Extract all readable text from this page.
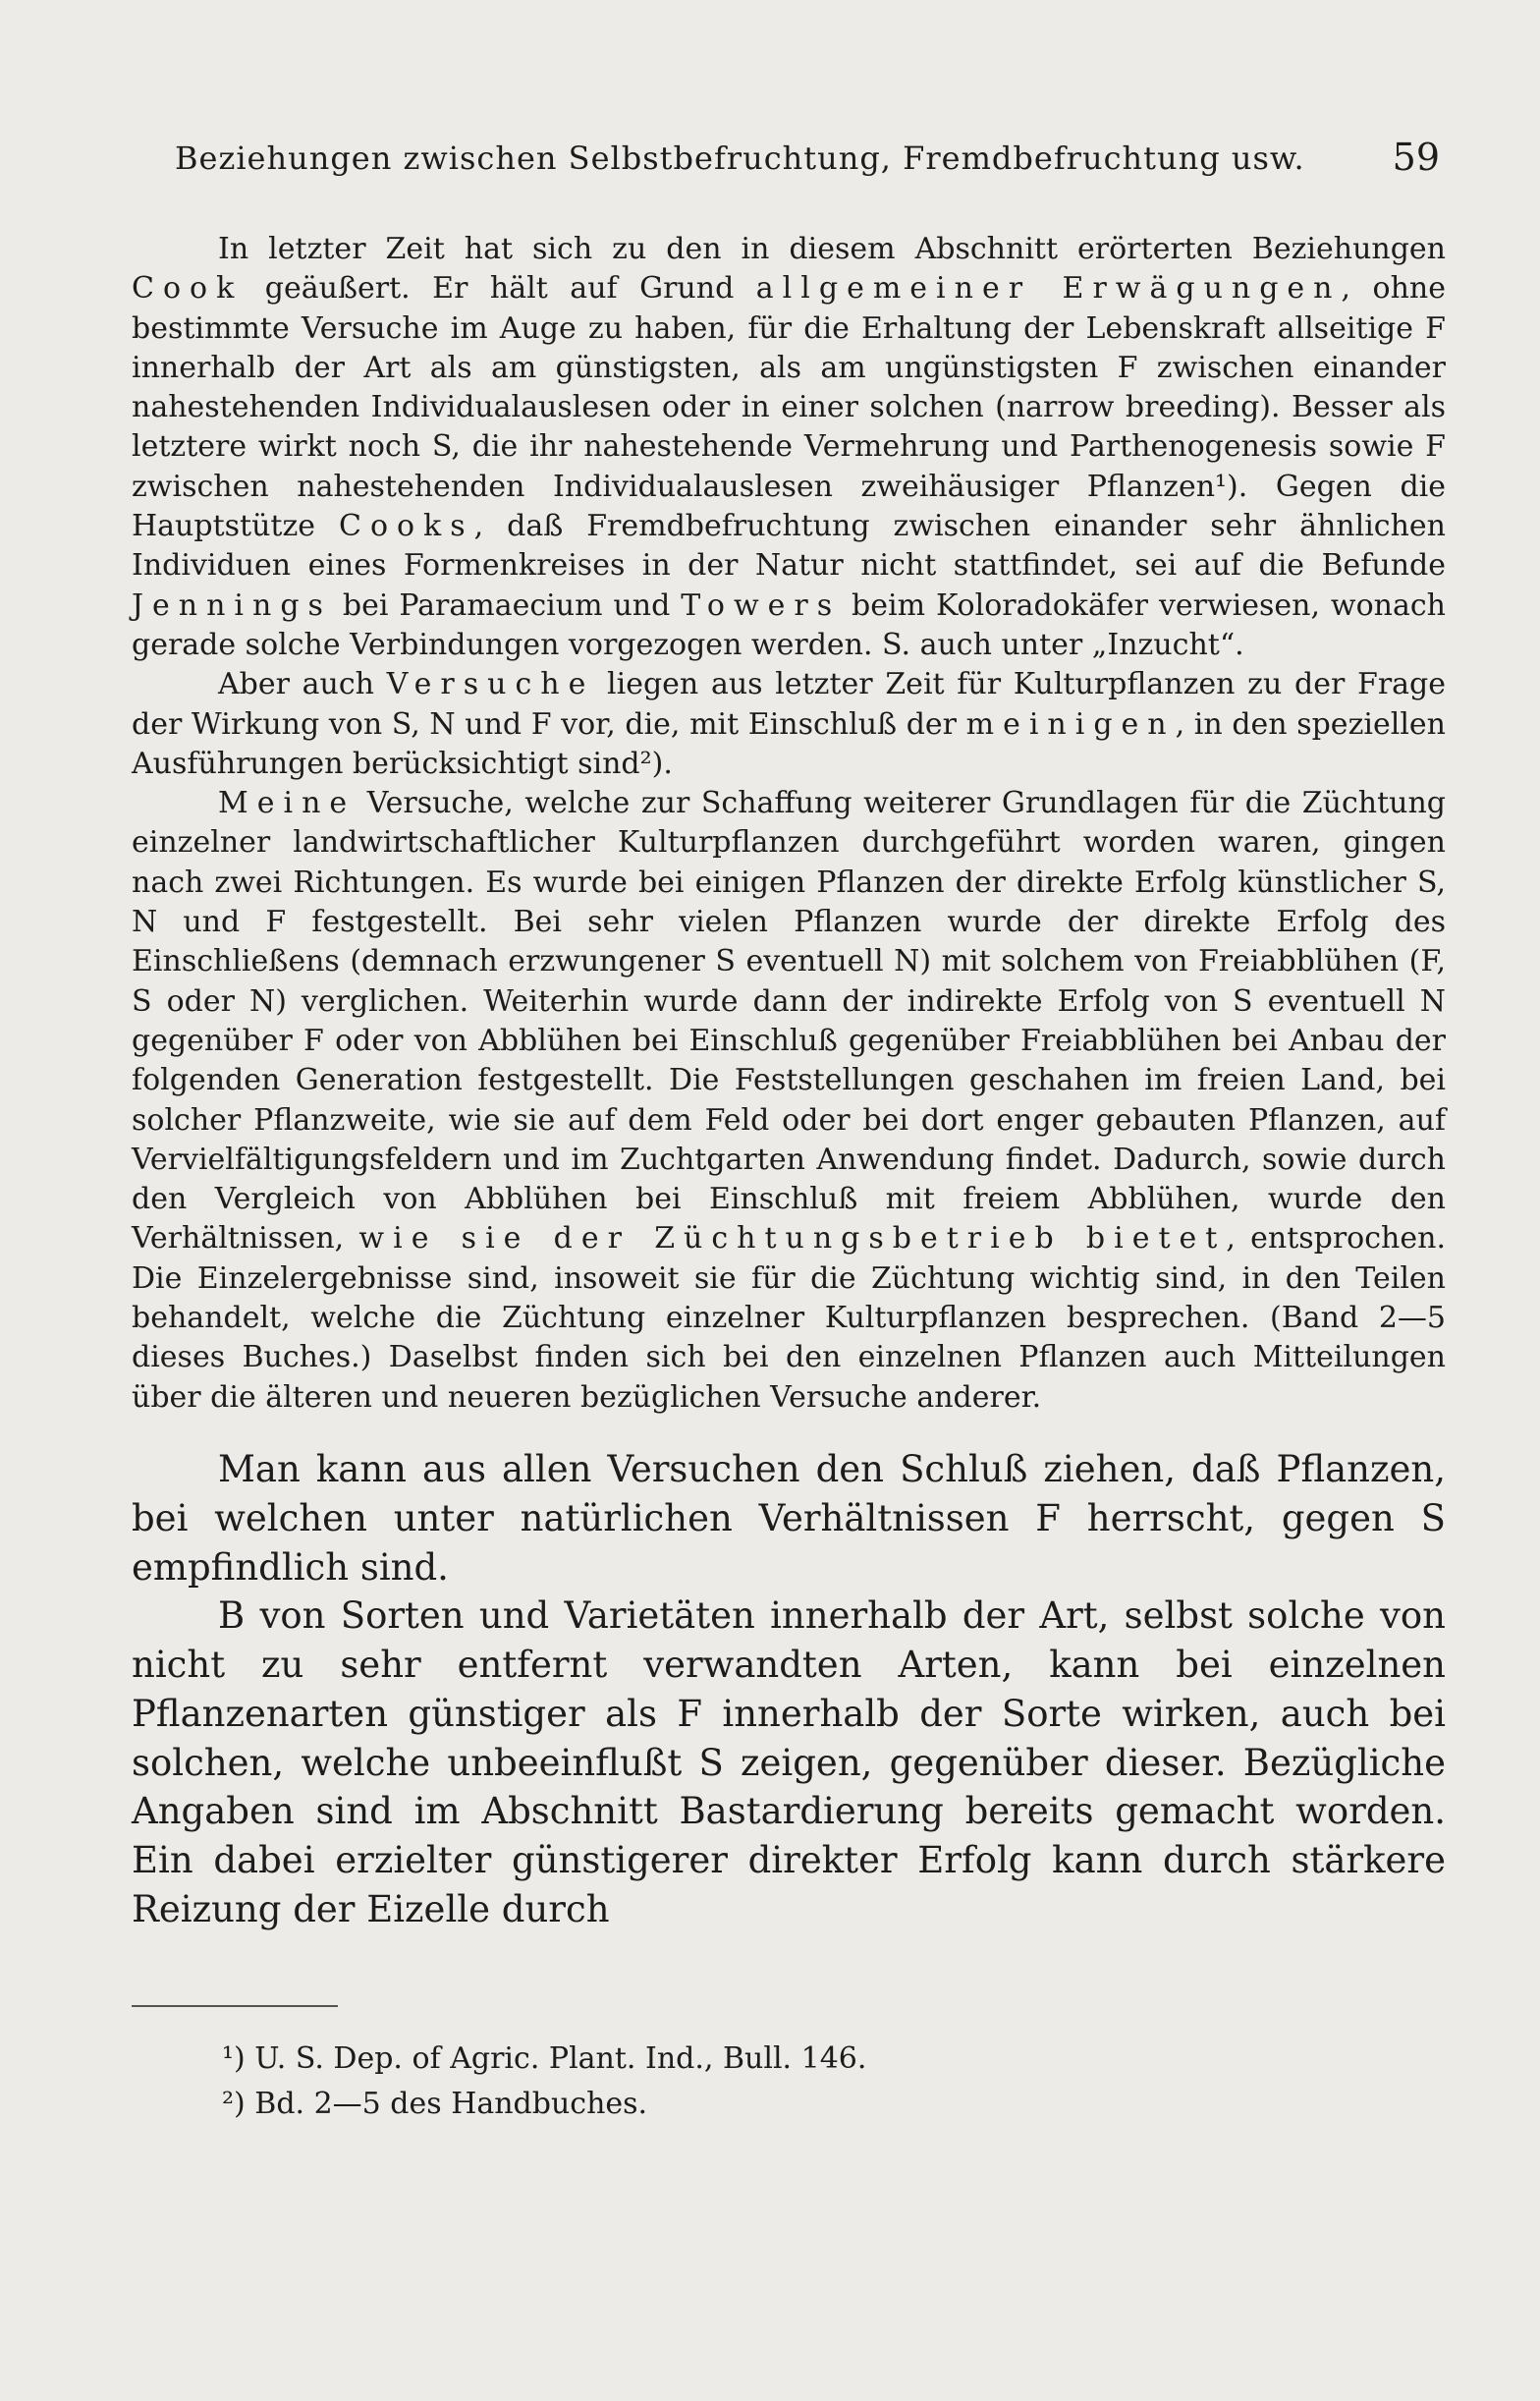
Beziehungen zwischen Selbstbefruchtung, Fremdbefruchtung usw. 59

In letzter Zeit hat sich zu den in diesem Abschnitt erörterten Beziehungen Cook geäußert. Er hält auf Grund allgemeiner Erwägungen, ohne bestimmte Versuche im Auge zu haben, für die Erhaltung der Lebenskraft allseitige F innerhalb der Art als am günstigsten, als am ungünstigsten F zwischen einander nahestehenden Individualauslesen oder in einer solchen (narrow breeding). Besser als letztere wirkt noch S, die ihr nahestehende Vermehrung und Parthenogenesis sowie F zwischen nahestehenden Individualauslesen zweihäusiger Pflanzen¹). Gegen die Hauptstütze Cooks, daß Fremdbefruchtung zwischen einander sehr ähnlichen Individuen eines Formenkreises in der Natur nicht stattfindet, sei auf die Befunde Jennings bei Paramaecium und Towers beim Koloradokäfer verwiesen, wonach gerade solche Verbindungen vorgezogen werden. S. auch unter „Inzucht“.

Aber auch Versuche liegen aus letzter Zeit für Kulturpflanzen zu der Frage der Wirkung von S, N und F vor, die, mit Einschluß der meinigen, in den speziellen Ausführungen berücksichtigt sind²).

Meine Versuche, welche zur Schaffung weiterer Grundlagen für die Züchtung einzelner landwirtschaftlicher Kulturpflanzen durchgeführt worden waren, gingen nach zwei Richtungen. Es wurde bei einigen Pflanzen der direkte Erfolg künstlicher S, N und F festgestellt. Bei sehr vielen Pflanzen wurde der direkte Erfolg des Einschließens (demnach erzwungener S eventuell N) mit solchem von Freiabblühen (F, S oder N) verglichen. Weiterhin wurde dann der indirekte Erfolg von S eventuell N gegenüber F oder von Abblühen bei Einschluß gegenüber Freiabblühen bei Anbau der folgenden Generation festgestellt. Die Feststellungen geschahen im freien Land, bei solcher Pflanzweite, wie sie auf dem Feld oder bei dort enger gebauten Pflanzen, auf Vervielfältigungsfeldern und im Zuchtgarten Anwendung findet. Dadurch, sowie durch den Vergleich von Abblühen bei Einschluß mit freiem Abblühen, wurde den Verhältnissen, wie sie der Züchtungsbetrieb bietet, entsprochen. Die Einzelergebnisse sind, insoweit sie für die Züchtung wichtig sind, in den Teilen behandelt, welche die Züchtung einzelner Kulturpflanzen besprechen. (Band 2—5 dieses Buches.) Daselbst finden sich bei den einzelnen Pflanzen auch Mitteilungen über die älteren und neueren bezüglichen Versuche anderer.

Man kann aus allen Versuchen den Schluß ziehen, daß Pflanzen, bei welchen unter natürlichen Verhältnissen F herrscht, gegen S empfindlich sind.

B von Sorten und Varietäten innerhalb der Art, selbst solche von nicht zu sehr entfernt verwandten Arten, kann bei einzelnen Pflanzenarten günstiger als F innerhalb der Sorte wirken, auch bei solchen, welche unbeeinflußt S zeigen, gegenüber dieser. Bezügliche Angaben sind im Abschnitt Bastardierung bereits gemacht worden. Ein dabei erzielter günstigerer direkter Erfolg kann durch stärkere Reizung der Eizelle durch

¹) U. S. Dep. of Agric. Plant. Ind., Bull. 146.
²) Bd. 2—5 des Handbuches.
